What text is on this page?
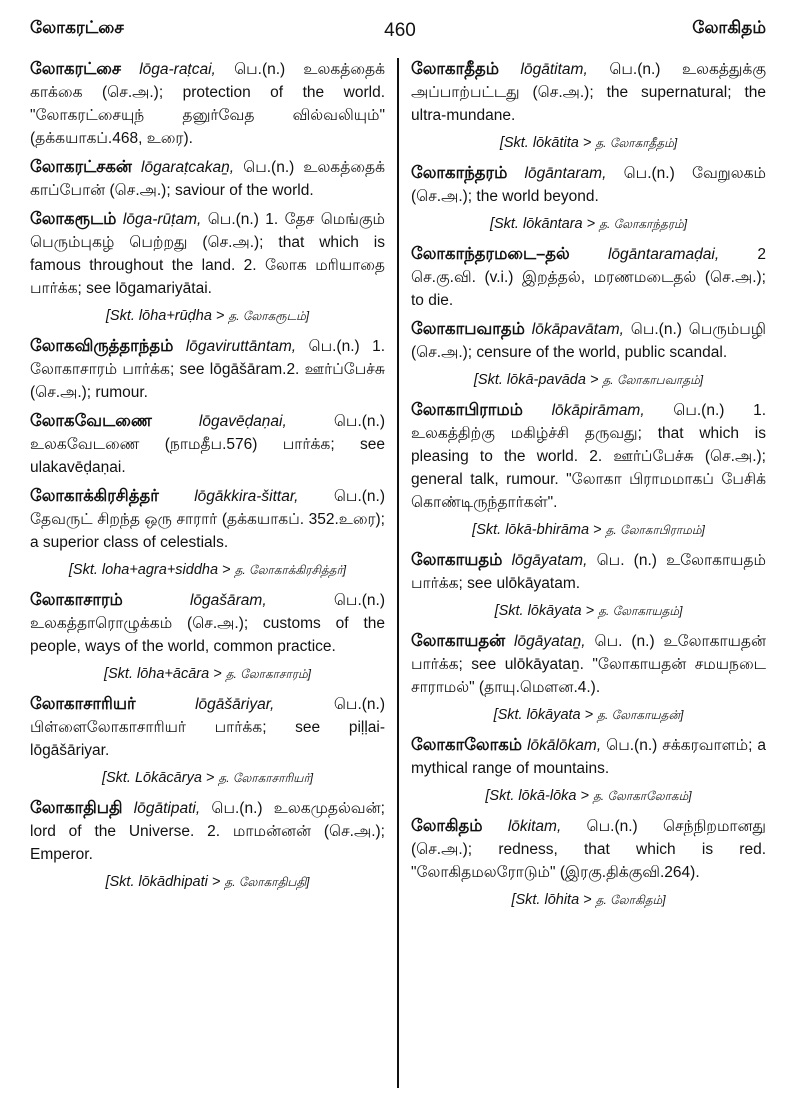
லோகரட்சை	லோகிதம்
460
லோகரட்சை lōga-raṭcai, பெ.(n.) உலகத்தைக் காக்கை (செ.அ.); protection of the world. "லோகரட்சையுந் தனுர்வேத வில்வலியும்" (தக்கயாகப்.468, உரை).
லோகரட்சகன் lōgaraṭcakaṉ, பெ.(n.) உலகத்தைக் காப்போன் (செ.அ.); saviour of the world.
லோகரூடம் lōga-rūṭam, பெ.(n.) 1. தேச மெங்கும் பெரும்புகழ் பெற்றது (செ.அ.); that which is famous throughout the land. 2. லோக மரியாதை பார்க்க; see lōgamariyātai.
[Skt. lōha+rūḍha > த. லோகரூடம்]
லோகவிருத்தாந்தம் lōgaviruttāntam, பெ.(n.) 1. லோகாசாரம் பார்க்க; see lōgāšāram.2. ஊர்ப்பேச்சு (செ.அ.); rumour.
லோகவேடணை	lōgavēḍaṇai,	பெ.(n.) உலகவேடணை (நாமதீப.576) பார்க்க; see ulakavēḍaṇai.
லோகாக்கிரசித்தர் lōgākkira-šittar, பெ.(n.) தேவருட் சிறந்த ஒரு சாரார் (தக்கயாகப். 352.உரை); a superior class of celestials.
[Skt. loha+agra+siddha > த. லோகாக்கிரசித்தர்]
லோகாசாரம்	lōgašāram,	பெ.(n.) உலகத்தாரொழுக்கம் (செ.அ.); customs of the people, ways of the world, common practice.
[Skt. lōha+ācāra > த. லோகாசாரம்]
லோகாசாரியர்	lōgāšāriyar,	பெ.(n.) பிள்ளைலோகாசாரியர் பார்க்க; see piḷḷai-lōgāšāriyar.
[Skt. Lōkācārya > த. லோகாசாரியர்]
லோகாதிபதி lōgātipati, பெ.(n.) உலகமுதல்வன்; lord of the Universe. 2. மாமன்னன் (செ.அ.); Emperor.
[Skt. lōkādhipati > த. லோகாதிபதி]
லோகாதீதம் lōgātitam, பெ.(n.) உலகத்துக்கு அப்பாற்பட்டது (செ.அ.); the supernatural; the ultra-mundane.
[Skt. lōkātita > த. லோகாதீதம்]
லோகாந்தரம் lōgāntaram, பெ.(n.) வேறுலகம் (செ.அ.); the world beyond.
[Skt. lōkāntara > த. லோகாந்தரம்]
லோகாந்தரமடை–தல் lōgāntaramaḍai, 2 செ.கு.வி. (v.i.) இறத்தல், மரணமடைதல் (செ.அ.); to die.
லோகாபவாதம் lōkāpavātam, பெ.(n.) பெரும்பழி (செ.அ.); censure of the world, public scandal.
[Skt. lōkā-pavāda > த. லோகாபவாதம்]
லோகாபிராமம் lōkāpirāmam, பெ.(n.) 1. உலகத்திற்கு மகிழ்ச்சி தருவது; that which is pleasing to the world. 2. ஊர்ப்பேச்சு (செ.அ.); general talk, rumour. "லோகா பிராமமாகப் பேசிக் கொண்டிருந்தார்கள்".
[Skt. lōkā-bhirāma > த. லோகாபிராமம்]
லோகாயதம் lōgāyatam, பெ. (n.) உலோகாயதம் பார்க்க; see ulōkāyatam.
[Skt. lōkāyata > த. லோகாயதம்]
லோகாயதன் lōgāyataṉ, பெ. (n.) உலோகாயதன் பார்க்க; see ulōkāyataṉ. "லோகாயதன் சமயநடை சாராமல்" (தாயு.மௌன.4.).
[Skt. lōkāyata > த. லோகாயதன்]
லோகாலோகம் lōkālōkam, பெ.(n.) சக்கரவாளம்; a mythical range of mountains.
[Skt. lōkā-lōka > த. லோகாலோகம்]
லோகிதம் lōkitam, பெ.(n.) செந்நிறமானது (செ.அ.); redness, that which is red. "லோகிதமலரோடும்" (இரகு.திக்குவி.264).
[Skt. lōhita > த. லோகிதம்]
